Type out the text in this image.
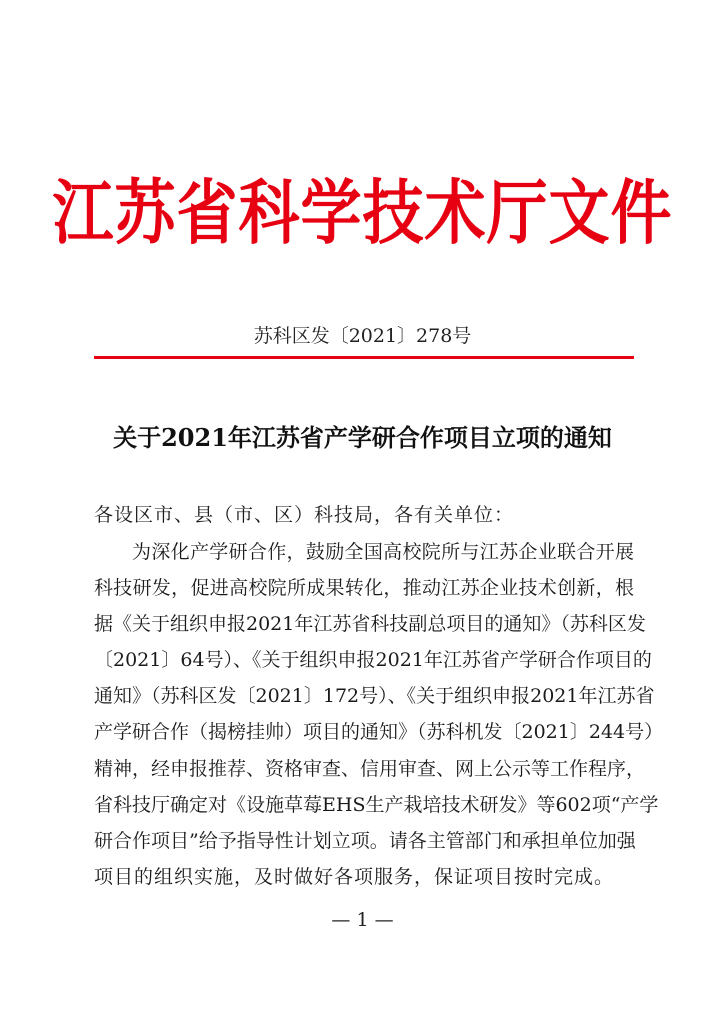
江苏省科学技术厅文件
苏科区发〔2021〕278号
关于2021年江苏省产学研合作项目立项的通知
各设区市、县（市、区）科技局，各有关单位：
为深化产学研合作，鼓励全国高校院所与江苏企业联合开展
科技研发，促进高校院所成果转化，推动江苏企业技术创新，根
据《关于组织申报2021年江苏省科技副总项目的通知》（苏科区发
〔2021〕64号）、《关于组织申报2021年江苏省产学研合作项目的
通知》（苏科区发〔2021〕172号）、《关于组织申报2021年江苏省
产学研合作（揭榜挂帅）项目的通知》（苏科机发〔2021〕244号）
精神，经申报推荐、资格审查、信用审查、网上公示等工作程序，
省科技厅确定对《设施草莓EHS生产栽培技术研发》等602项“产学
研合作项目”给予指导性计划立项。请各主管部门和承担单位加强
项目的组织实施，及时做好各项服务，保证项目按时完成。
— 1 —
